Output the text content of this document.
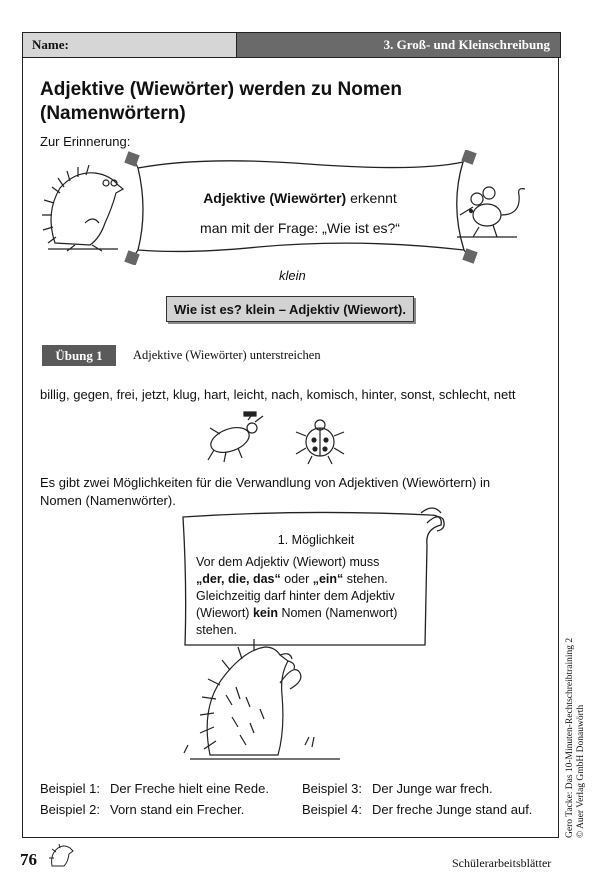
Name:	3. Groß- und Kleinschreibung
Adjektive (Wiewörter) werden zu Nomen
(Namenwörtern)
Zur Erinnerung:
Adjektive (Wiewörter) erkennt
man mit der Frage: „Wie ist es?“
klein
Wie ist es? klein – Adjektiv (Wiewort).
Übung 1	Adjektive (Wiewörter) unterstreichen
billig, gegen, frei, jetzt, klug, hart, leicht, nach, komisch, hinter, sonst, schlecht, nett
Es gibt zwei Möglichkeiten für die Verwandlung von Adjektiven (Wiewörtern) in
Nomen (Namenwörter).
1. Möglichkeit
Vor dem Adjektiv (Wiewort) muss
„der, die, das“ oder „ein“ stehen.
Gleichzeitig darf hinter dem Adjektiv
(Wiewort) kein Nomen (Namenwort)
stehen.
Beispiel 1: Der Freche hielt eine Rede.
Beispiel 2: Vorn stand ein Frecher.
Beispiel 3: Der Junge war frech.
Beispiel 4: Der freche Junge stand auf.	Gero Tacke: Das 10-Minuten-Rechtschreibtraining 2 © Auer Verlag GmbH Donauwörth
76	Schülerarbeitsblätter
